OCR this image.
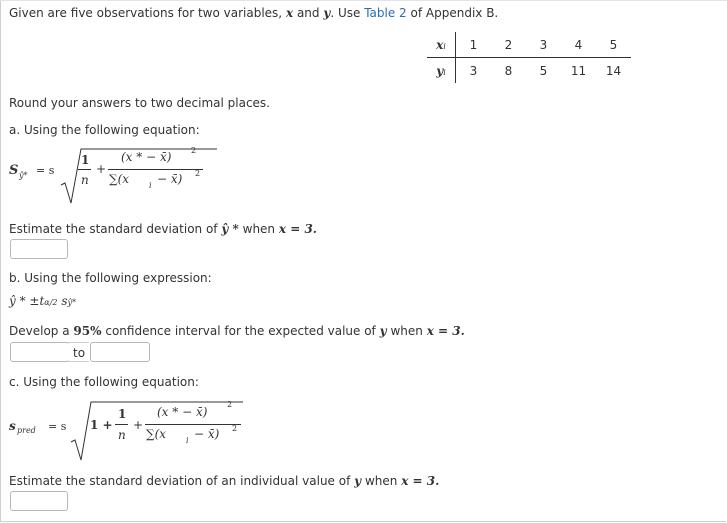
Given are five observations for two variables, x and y. Use Table 2 of Appendix B.
xi	1	2	3	4	5
yi	3	8	5	11	14
Round your answers to two decimal places.
a. Using the following equation:
S ŷ* = s
1
n
+
(x * − x̄) 2
∑(x i − x̄) 2
Estimate the standard deviation of ŷ * when x = 3.
b. Using the following expression:
ŷ * ±tα/2 sŷ*
Develop a 95% confidence interval for the expected value of y when x = 3.
to
c. Using the following equation:
s pred = s 1 +
1
n
+
(x * − x̄)
2
∑(x i − x̄) 2
Estimate the standard deviation of an individual value of y when x = 3.
